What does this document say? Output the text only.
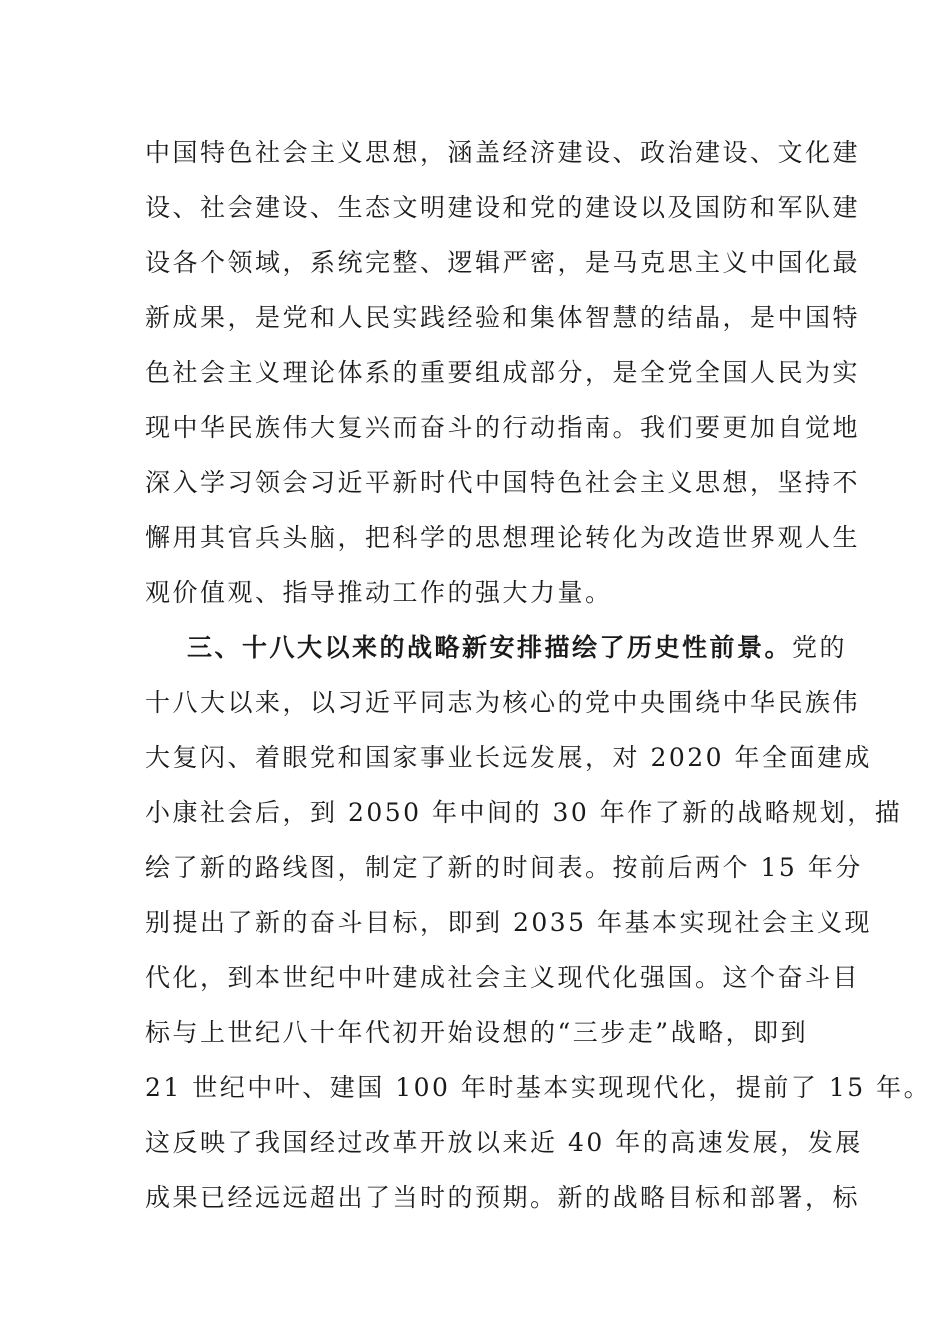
中国特色社会主义思想，涵盖经济建设、政治建设、文化建
设、社会建设、生态文明建设和党的建设以及国防和军队建
设各个领域，系统完整、逻辑严密，是马克思主义中国化最
新成果，是党和人民实践经验和集体智慧的结晶，是中国特
色社会主义理论体系的重要组成部分，是全党全国人民为实
现中华民族伟大复兴而奋斗的行动指南。我们要更加自觉地
深入学习领会习近平新时代中国特色社会主义思想，坚持不
懈用其官兵头脑，把科学的思想理论转化为改造世界观人生
观价值观、指导推动工作的强大力量。
三、十八大以来的战略新安排描绘了历史性前景。党的
十八大以来，以习近平同志为核心的党中央围绕中华民族伟
大复闪、着眼党和国家事业长远发展，对 2020 年全面建成
小康社会后，到 2050 年中间的 30 年作了新的战略规划，描
绘了新的路线图，制定了新的时间表。按前后两个 15 年分
别提出了新的奋斗目标，即到 2035 年基本实现社会主义现
代化，到本世纪中叶建成社会主义现代化强国。这个奋斗目
标与上世纪八十年代初开始设想的“三步走”战略，即到
21 世纪中叶、建国 100 年时基本实现现代化，提前了 15 年。
这反映了我国经过改革开放以来近 40 年的高速发展，发展
成果已经远远超出了当时的预期。新的战略目标和部署，标
